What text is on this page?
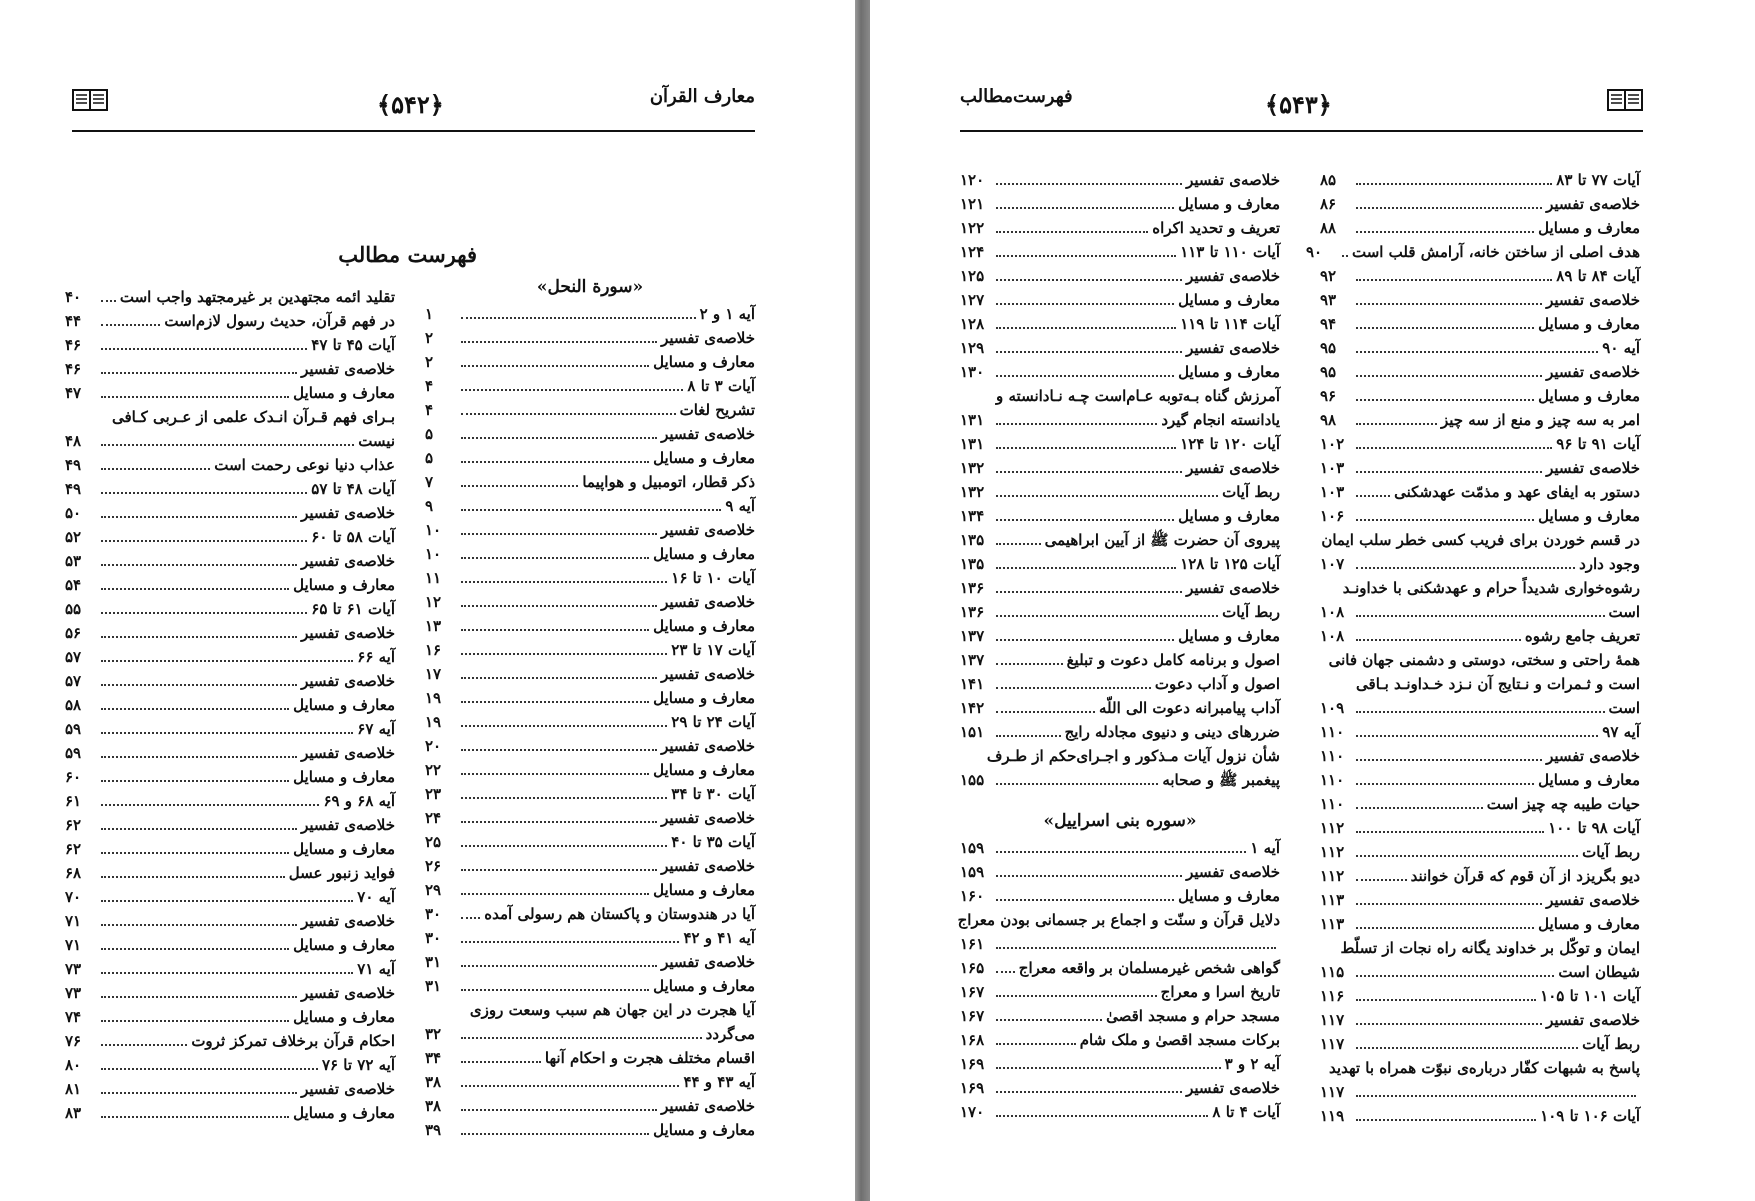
﴿۵۴۲﴾	معارف القرآن
فهرست مطالب
«سورة النحل»
آیه ۱ و ۲
۱
خلاصه‌ی تفسیر
۲
معارف و مسایل
۲
آیات ۳ تا ۸
۴
تشریح لغات
۴
خلاصه‌ی تفسیر
۵
معارف و مسایل
۵
ذکر قطار، اتومبیل و هواپیما
۷
آیه ۹
۹
خلاصه‌ی تفسیر
۱۰
معارف و مسایل
۱۰
آیات ۱۰ تا ۱۶
۱۱
خلاصه‌ی تفسیر
۱۲
معارف و مسایل
۱۳
آیات ۱۷ تا ۲۳
۱۶
خلاصه‌ی تفسیر
۱۷
معارف و مسایل
۱۹
آیات ۲۴ تا ۲۹
۱۹
خلاصه‌ی تفسیر
۲۰
معارف و مسایل
۲۲
آیات ۳۰ تا ۳۴
۲۳
خلاصه‌ی تفسیر
۲۴
آیات ۳۵ تا ۴۰
۲۵
خلاصه‌ی تفسیر
۲۶
معارف و مسایل
۲۹
آیا در هندوستان و پاکستان هم رسولی آمده
۳۰
آیه ۴۱ و ۴۲
۳۰
خلاصه‌ی تفسیر
۳۱
معارف و مسایل
۳۱
آیا هجرت در این جهان هم سبب وسعت روزی
می‌گردد
۳۲
اقسام مختلف هجرت و احکام آنها
۳۴
آیه ۴۳ و ۴۴
۳۸
خلاصه‌ی تفسیر
۳۸
معارف و مسایل
۳۹
تقلید ائمه مجتهدین بر غیرمجتهد واجب است
۴۰
در فهم قرآن، حدیث رسول لازم‌است
۴۴
آیات ۴۵ تا ۴۷
۴۶
خلاصه‌ی تفسیر
۴۶
معارف و مسایل
۴۷
بـرای فهم قـرآن انـدک علمی از عـربی کـافی
نیست
۴۸
عذاب دنیا نوعی رحمت است
۴۹
آیات ۴۸ تا ۵۷
۴۹
خلاصه‌ی تفسیر
۵۰
آیات ۵۸ تا ۶۰
۵۲
خلاصه‌ی تفسیر
۵۳
معارف و مسایل
۵۴
آیات ۶۱ تا ۶۵
۵۵
خلاصه‌ی تفسیر
۵۶
آیه ۶۶
۵۷
خلاصه‌ی تفسیر
۵۷
معارف و مسایل
۵۸
آیه ۶۷
۵۹
خلاصه‌ی تفسیر
۵۹
معارف و مسایل
۶۰
آیه ۶۸ و ۶۹
۶۱
خلاصه‌ی تفسیر
۶۲
معارف و مسایل
۶۲
فواید زنبور عسل
۶۸
آیه ۷۰
۷۰
خلاصه‌ی تفسیر
۷۱
معارف و مسایل
۷۱
آیه ۷۱
۷۳
خلاصه‌ی تفسیر
۷۳
معارف و مسایل
۷۴
احکام قرآن برخلاف تمرکز ثروت
۷۶
آیه ۷۲ تا ۷۶
۸۰
خلاصه‌ی تفسیر
۸۱
معارف و مسایل
۸۳
﴿۵۴۳﴾
فهرست‌مطالب
آیات ۷۷ تا ۸۳
۸۵
خلاصه‌ی تفسیر
۸۶
معارف و مسایل
۸۸
هدف اصلی از ساختن خانه، آرامش قلب است
۹۰
آیات ۸۴ تا ۸۹
۹۲
خلاصه‌ی تفسیر
۹۳
معارف و مسایل
۹۴
آیه ۹۰
۹۵
خلاصه‌ی تفسیر
۹۵
معارف و مسایل
۹۶
امر به سه چیز و منع از سه چیز
۹۸
آیات ۹۱ تا ۹۶
۱۰۲
خلاصه‌ی تفسیر
۱۰۳
دستور به ایفای عهد و مذمّت عهدشکنی
۱۰۳
معارف و مسایل
۱۰۶
در قسم خوردن برای فریب کسی خطر سلب ایمان
وجود دارد
۱۰۷
رشوه‌خواری شدیداً حرام و عهدشکنی با خداونـد
است
۱۰۸
تعریف جامع رشوه
۱۰۸
همهٔ راحتی و سختی، دوستی و دشمنی جهان فانی
است و ثـمرات و نـتایج آن نـزد خـداونـد بـاقی
است
۱۰۹
آیه ۹۷
۱۱۰
خلاصه‌ی تفسیر
۱۱۰
معارف و مسایل
۱۱۰
حیات طیبه چه چیز است
۱۱۰
آیات ۹۸ تا ۱۰۰
۱۱۲
ربط آیات
۱۱۲
دیو بگریزد از آن قوم که قرآن خوانند
۱۱۲
خلاصه‌ی تفسیر
۱۱۳
معارف و مسایل
۱۱۳
ایمان و توکّل بر خداوند یگانه راه نجات از تسلّط
شیطان است
۱۱۵
آیات ۱۰۱ تا ۱۰۵
۱۱۶
خلاصه‌ی تفسیر
۱۱۷
ربط آیات
۱۱۷
پاسخ به شبهات کفّار درباره‌ی نبوّت همراه با تهدید
۱۱۷
آیات ۱۰۶ تا ۱۰۹
۱۱۹
خلاصه‌ی تفسیر
۱۲۰
معارف و مسایل
۱۲۱
تعریف و تحدید اکراه
۱۲۲
آیات ۱۱۰ تا ۱۱۳
۱۲۴
خلاصه‌ی تفسیر
۱۲۵
معارف و مسایل
۱۲۷
آیات ۱۱۴ تا ۱۱۹
۱۲۸
خلاصه‌ی تفسیر
۱۲۹
معارف و مسایل
۱۳۰
آمرزش گناه بـه‌توبه عـام‌است چـه نـادانسته و
یادانسته انجام گیرد
۱۳۱
آیات ۱۲۰ تا ۱۲۴
۱۳۱
خلاصه‌ی تفسیر
۱۳۲
ربط آیات
۱۳۲
معارف و مسایل
۱۳۴
پیروی آن حضرت ﷺ از آیین ابراهیمی
۱۳۵
آیات ۱۲۵ تا ۱۲۸
۱۳۵
خلاصه‌ی تفسیر
۱۳۶
ربط آیات
۱۳۶
معارف و مسایل
۱۳۷
اصول و برنامه کامل دعوت و تبلیغ
۱۳۷
اصول و آداب دعوت
۱۴۱
آداب پیامبرانه دعوت الی اللّه
۱۴۲
ضررهای دینی و دنیوی مجادله رایج
۱۵۱
شأن نزول آیات مـذکور و اجـرای‌حکم از طـرف
پیغمبر ﷺ و صحابه
۱۵۵
«سوره بنی اسراییل»
آیه ۱
۱۵۹
خلاصه‌ی تفسیر
۱۵۹
معارف و مسایل
۱۶۰
دلایل قرآن و سنّت و اجماع بر جسمانی بودن معراج
۱۶۱
گواهی شخص غیرمسلمان بر واقعه معراج
۱۶۵
تاریخ اسرا و معراج
۱۶۷
مسجد حرام و مسجد اقصیٰ
۱۶۷
برکات مسجد اقصیٰ و ملک شام
۱۶۸
آیه ۲ و ۳
۱۶۹
خلاصه‌ی تفسیر
۱۶۹
آیات ۴ تا ۸
۱۷۰
